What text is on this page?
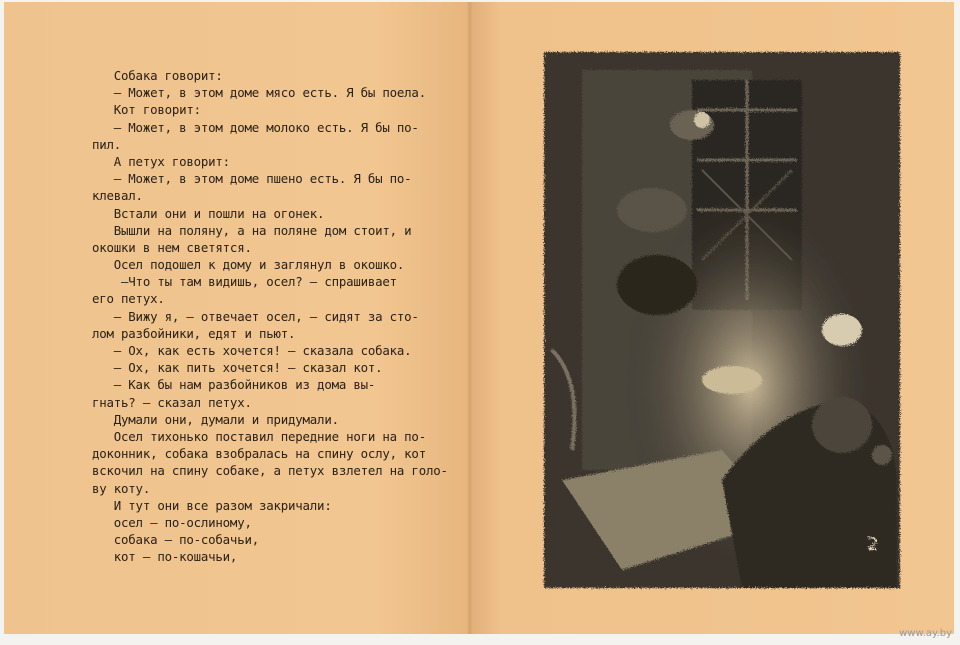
Собака говорит:
— Может, в этом доме мясо есть. Я бы поела.
Кот говорит:
— Может, в этом доме молоко есть. Я бы по-
пил.
А петух говорит:
— Может, в этом доме пшено есть. Я бы по-
клевал.
Встали они и пошли на огонек.
Вышли на поляну, а на поляне дом стоит, и
окошки в нем светятся.
Осел подошел к дому и заглянул в окошко.
—Что ты там видишь, осел? — спрашивает
его петух.
— Вижу я, — отвечает осел, — сидят за сто-
лом разбойники, едят и пьют.
— Ох, как есть хочется! — сказала собака.
— Ох, как пить хочется! — сказал кот.
— Как бы нам разбойников из дома вы-
гнать? — сказал петух.
Думали они, думали и придумали.
Осел тихонько поставил передние ноги на по-
доконник, собака взобралась на спину ослу, кот
вскочил на спину собаке, а петух взлетел на голо-
ву коту.
И тут они все разом закричали:
осел — по-ослиному,
собака — по-собачьи,
кот — по-кошачьи,
2
www.ay.by
